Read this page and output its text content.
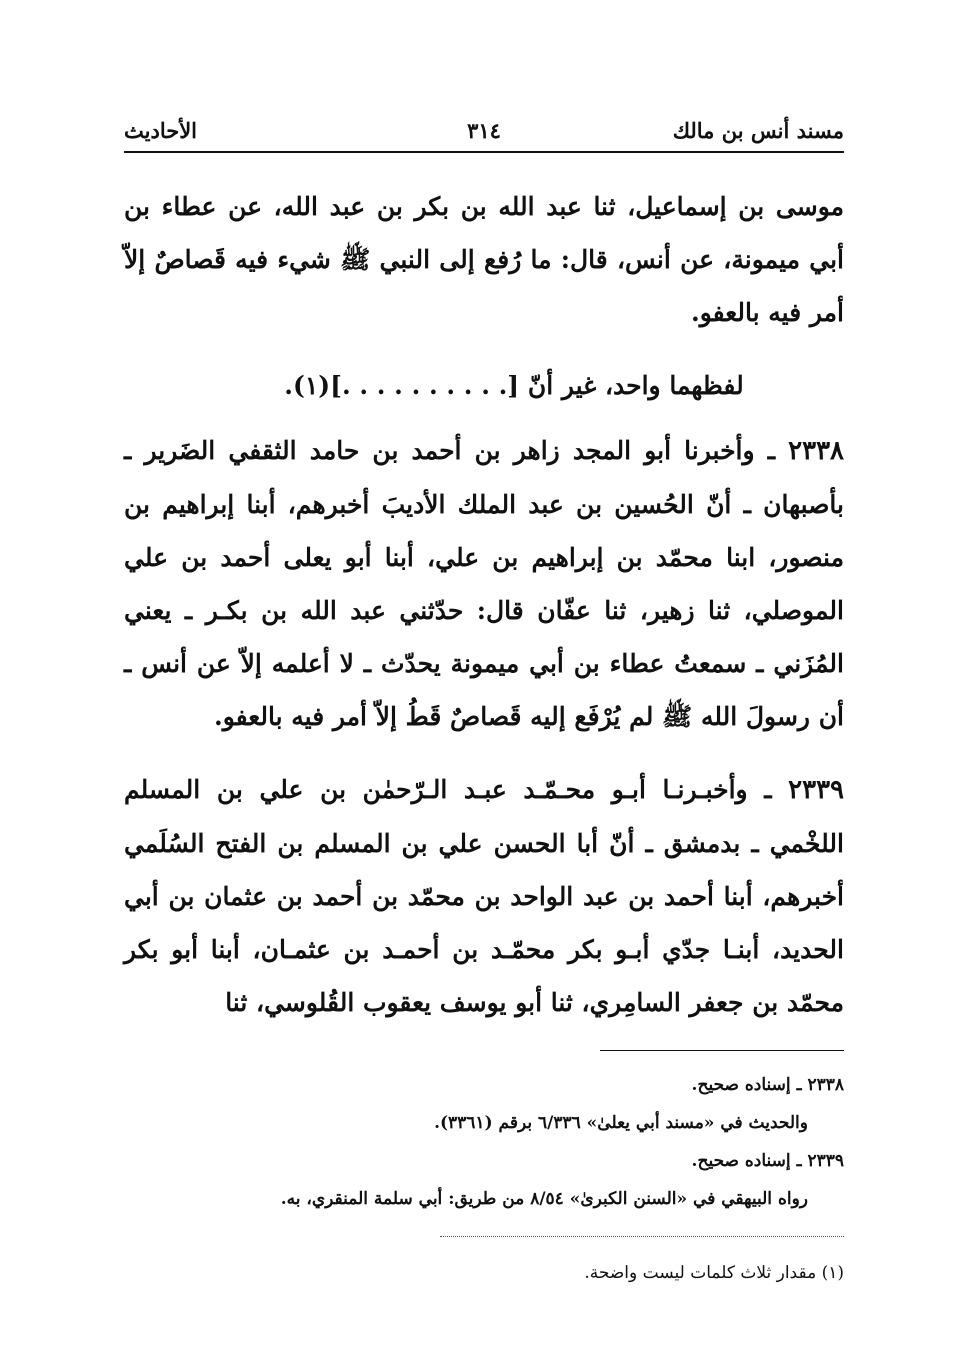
مسند أنس بن مالك
٣١٤
الأحاديث

موسى بن إسماعيل، ثنا عبد الله بن بكر بن عبد الله، عن عطاء بن أبي ميمونة، عن أنس، قال: ما رُفع إلى النبي ﷺ شيء فيه قَصاصٌ إلاّ أمر فيه بالعفو.

لفظهما واحد، غير أنّ [. . . . . . . . . .](١).

٢٣٣٨ ـ وأخبرنا أبو المجد زاهر بن أحمد بن حامد الثقفي الضَرير ـ بأصبهان ـ أنّ الحُسين بن عبد الملك الأديبَ أخبرهم، أبنا إبراهيم بن منصور، ابنا محمّد بن إبراهيم بن علي، أبنا أبو يعلى أحمد بن علي الموصلي، ثنا زهير، ثنا عفّان قال: حدّثني عبد الله بن بكـر ـ يعني المُزَني ـ سمعتُ عطاء بن أبي ميمونة يحدّث ـ لا أعلمه إلاّ عن أنس ـ أن رسولَ الله ﷺ لم يُرْفَع إليه قَصاصٌ قَطُ إلاّ أمر فيه بالعفو.

٢٣٣٩ ـ وأخبـرنـا أبـو محـمّـد عبـد الـرّحمٰن بن علي بن المسلم اللخْمي ـ بدمشق ـ أنّ أبا الحسن علي بن المسلم بن الفتح السُلَمي أخبرهم، أبنا أحمد بن عبد الواحد بن محمّد بن أحمد بن عثمان بن أبي الحديد، أبنـا جدّي أبـو بكر محمّـد بن أحمـد بن عثمـان، أبنا أبو بكر محمّد بن جعفر السامِري، ثنا أبو يوسف يعقوب القُلوسي، ثنا

٢٣٣٨ ـ إسناده صحيح.
والحديث في «مسند أبي يعلىٰ» ٦/٣٣٦ برقم (٣٣٦١).
٢٣٣٩ ـ إسناده صحيح.
رواه البيهقي في «السنن الكبرىٰ» ٨/٥٤ من طريق: أبي سلمة المنقري، به.
(١) مقدار ثلاث كلمات ليست واضحة.
